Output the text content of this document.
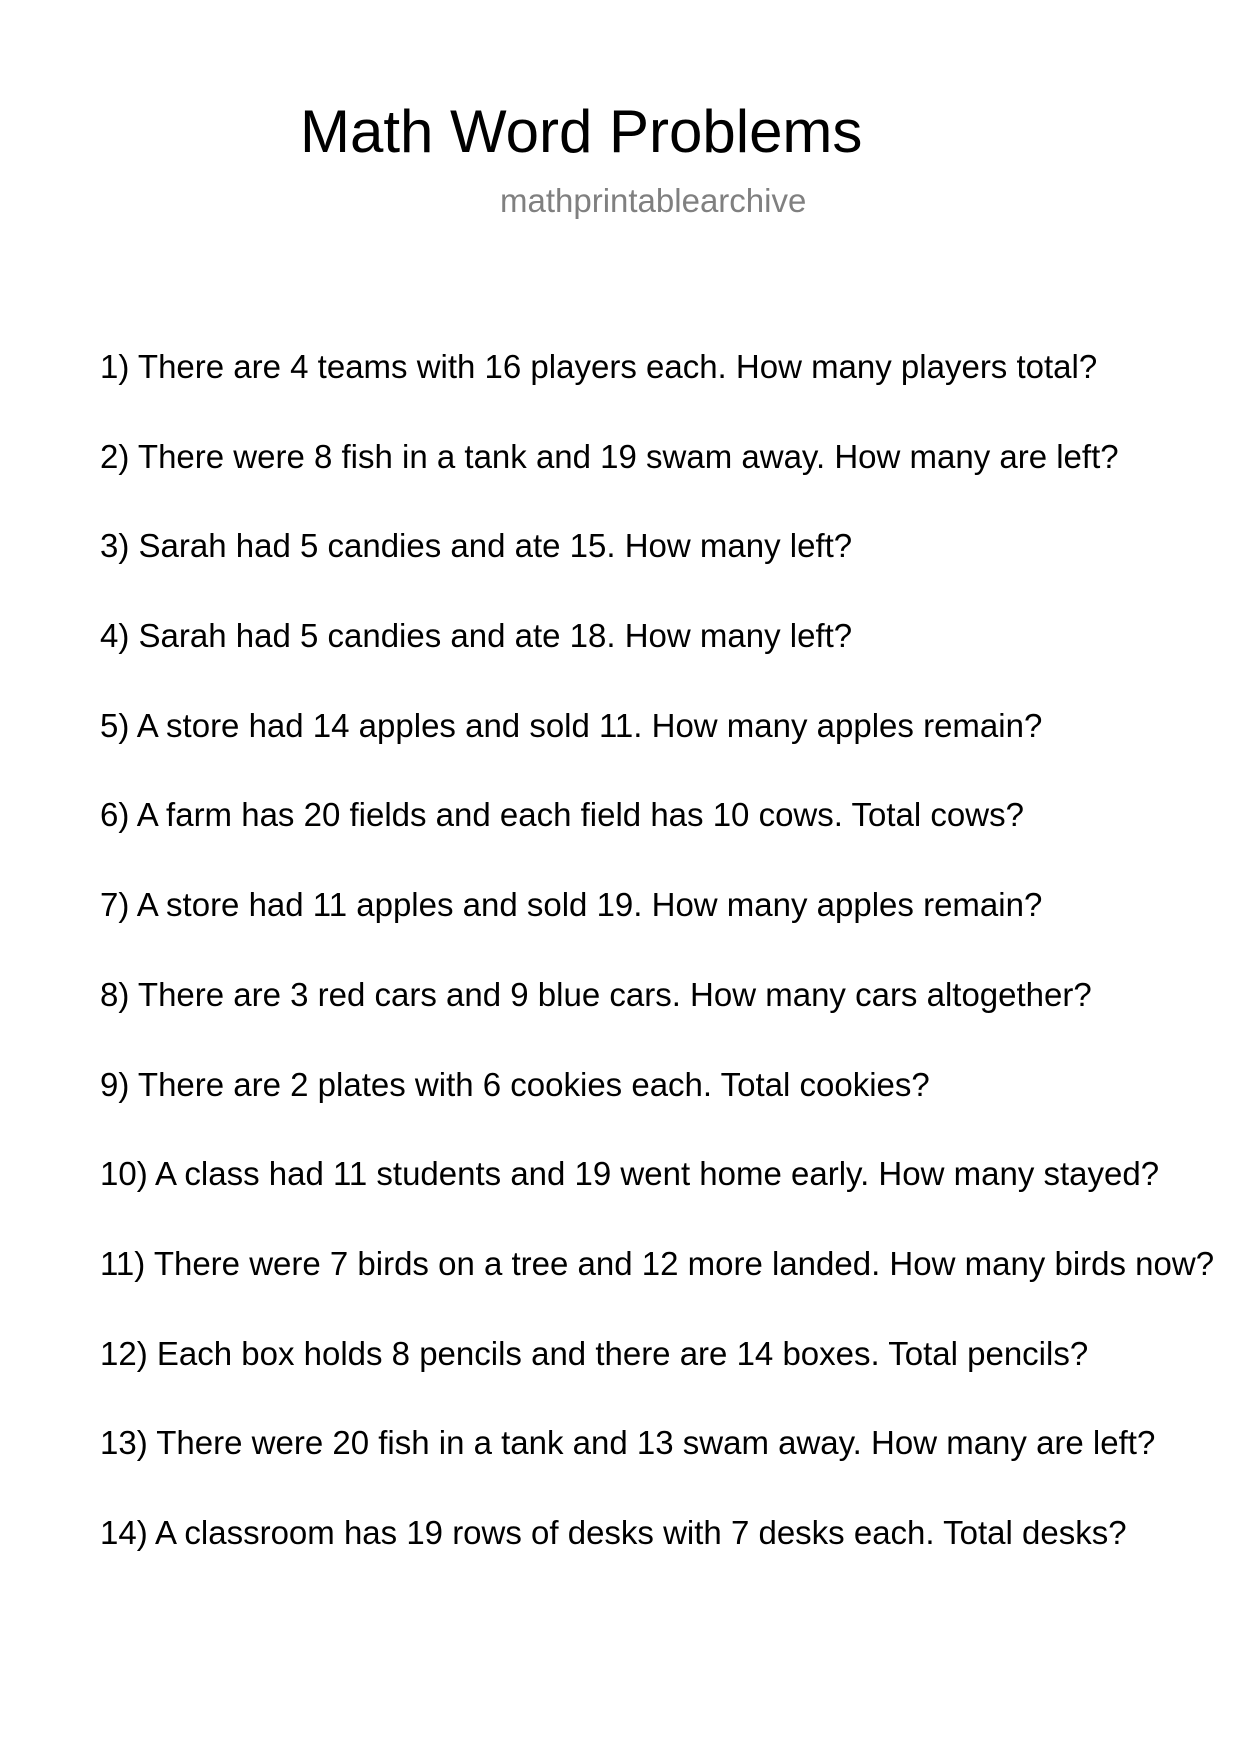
Math Word Problems
mathprintablearchive
1) There are 4 teams with 16 players each. How many players total?
2) There were 8 fish in a tank and 19 swam away. How many are left?
3) Sarah had 5 candies and ate 15. How many left?
4) Sarah had 5 candies and ate 18. How many left?
5) A store had 14 apples and sold 11. How many apples remain?
6) A farm has 20 fields and each field has 10 cows. Total cows?
7) A store had 11 apples and sold 19. How many apples remain?
8) There are 3 red cars and 9 blue cars. How many cars altogether?
9) There are 2 plates with 6 cookies each. Total cookies?
10) A class had 11 students and 19 went home early. How many stayed?
11) There were 7 birds on a tree and 12 more landed. How many birds now?
12) Each box holds 8 pencils and there are 14 boxes. Total pencils?
13) There were 20 fish in a tank and 13 swam away. How many are left?
14) A classroom has 19 rows of desks with 7 desks each. Total desks?
